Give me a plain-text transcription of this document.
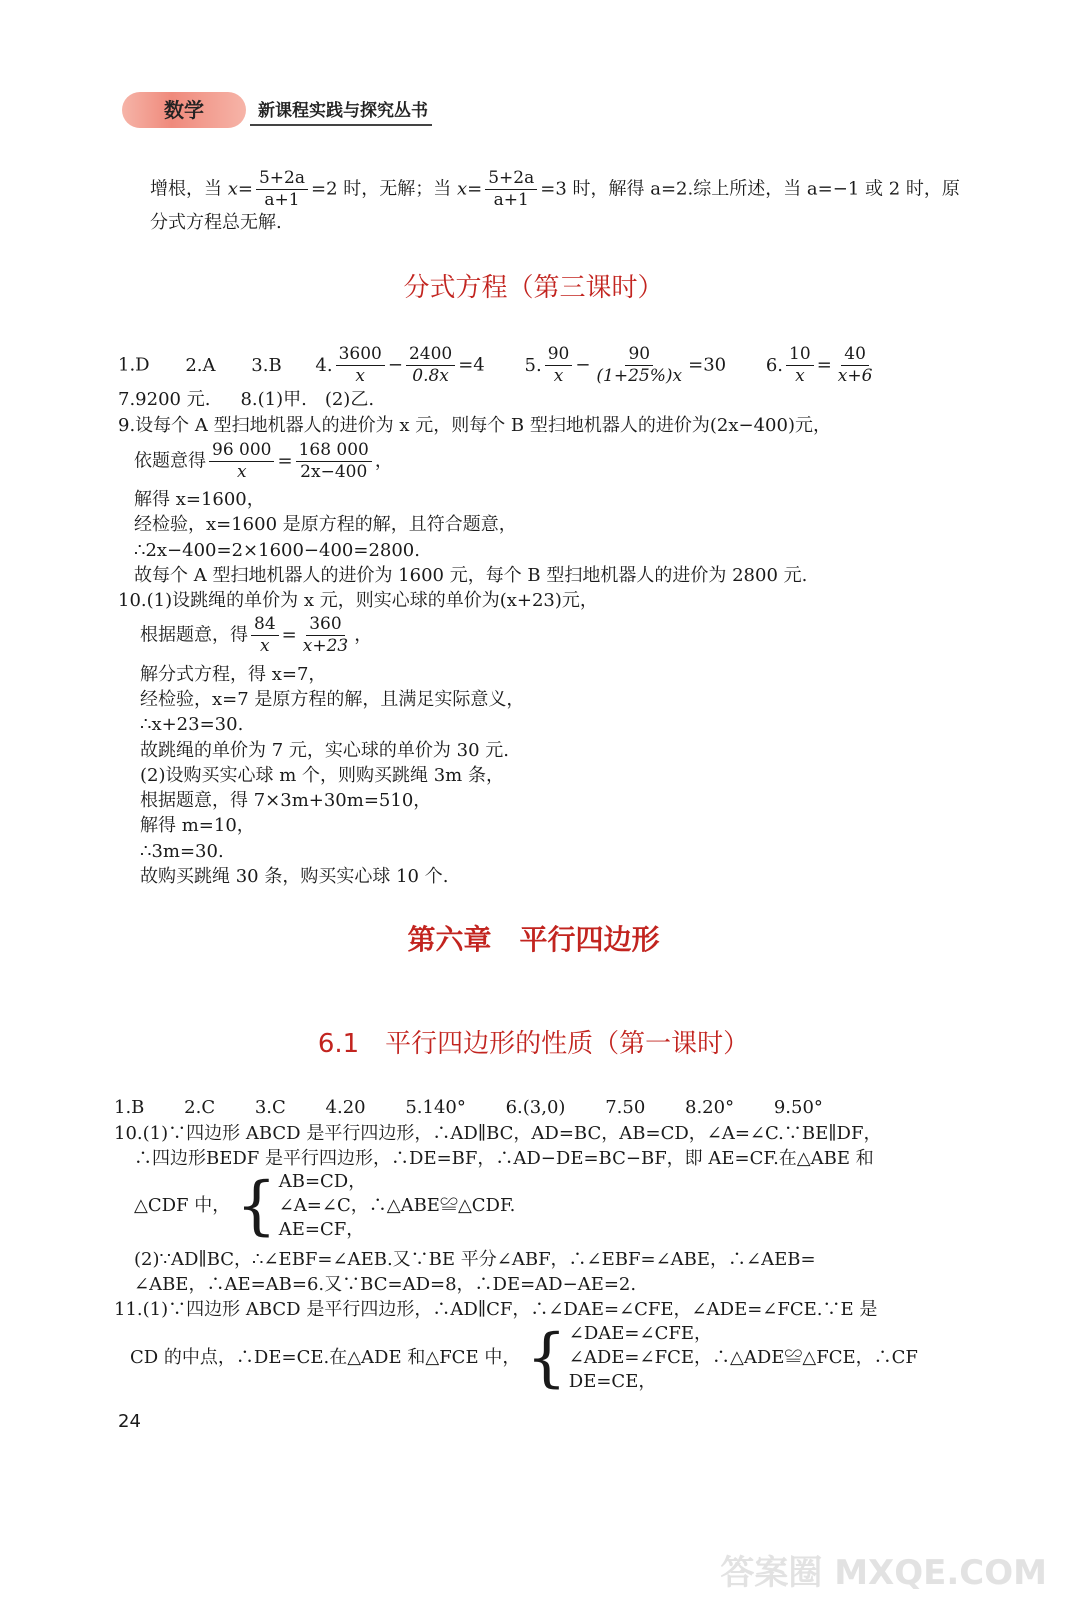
数学	新课程实践与探究丛书
增根，当 $x= \frac{5+2a}{a+1} =2$ 时，无解；当 $x= \frac{5+2a}{a+1} =3$ 时，解得 a=2.综上所述，当 a=−1 或 2 时，原
分式方程总无解.
分式方程（第三课时）
1.D 2.A 3.B 4. $\frac{3600}{x} - \frac{2400}{0.8x} =4$ 5. $\frac{90}{x} - \frac{90}{(1+25\%)x} =30$ 6. $\frac{10}{x} = \frac{40}{x+6}$
7.9200 元. 8.(1)甲.　(2)乙.
9.设每个 A 型扫地机器人的进价为 x 元，则每个 B 型扫地机器人的进价为(2x−400)元，
依题意得 $\frac{96 000}{x} = \frac{168 000}{2x-400}$ ，
解得 x=1600，
经检验，x=1600 是原方程的解，且符合题意，
∴2x−400=2×1600−400=2800.
故每个 A 型扫地机器人的进价为 1600 元，每个 B 型扫地机器人的进价为 2800 元.
10.(1)设跳绳的单价为 x 元，则实心球的单价为(x+23)元，
根据题意，得 $\frac{84}{x} = \frac{360}{x+23}$ ，
解分式方程，得 x=7，
经检验，x=7 是原方程的解，且满足实际意义，
∴x+23=30.
故跳绳的单价为 7 元，实心球的单价为 30 元.
(2)设购买实心球 m 个，则购买跳绳 3m 条，
根据题意，得 7×3m+30m=510，
解得 m=10，
∴3m=30.
故购买跳绳 30 条，购买实心球 10 个.
第六章　平行四边形
6.1　平行四边形的性质（第一课时）
1.B 2.C 3.C 4.20 5.140° 6.(3,0) 7.50 8.20° 9.50°
10.(1)∵四边形 ABCD 是平行四边形，∴AD∥BC，AD=BC，AB=CD，∠A=∠C.∵BE∥DF，
∴四边形BEDF 是平行四边形，∴DE=BF，∴AD−DE=BC−BF，即 AE=CF.在△ABE 和
△CDF 中， { AB=CD，
∠A=∠C，∴△ABE≌△CDF.
AE=CF，
(2)∵AD∥BC，∴∠EBF=∠AEB.又∵BE 平分∠ABF，∴∠EBF=∠ABE，∴∠AEB=
∠ABE，∴AE=AB=6.又∵BC=AD=8，∴DE=AD−AE=2.
11.(1)∵四边形 ABCD 是平行四边形，∴AD∥CF，∴∠DAE=∠CFE，∠ADE=∠FCE.∵E 是
CD 的中点，∴DE=CE.在△ADE 和△FCE 中， { ∠DAE=∠CFE，
∠ADE=∠FCE，∴△ADE≌△FCE，∴CF
DE=CE，
24
答案圈 MXQE.COM
